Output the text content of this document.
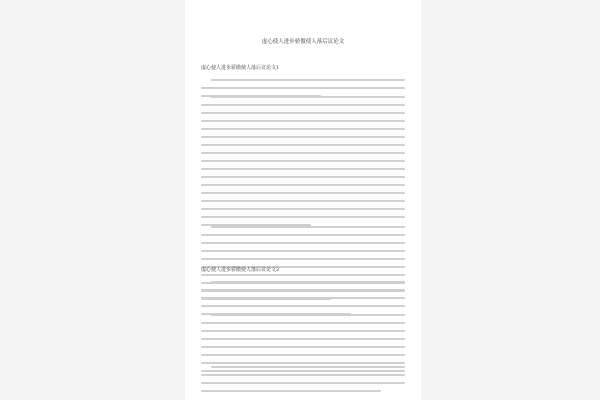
虚心使人进步骄傲使人落后议论文
虚心使人进步骄傲使人落后议论文1
虚心使人进步骄傲使人落后议论文2
